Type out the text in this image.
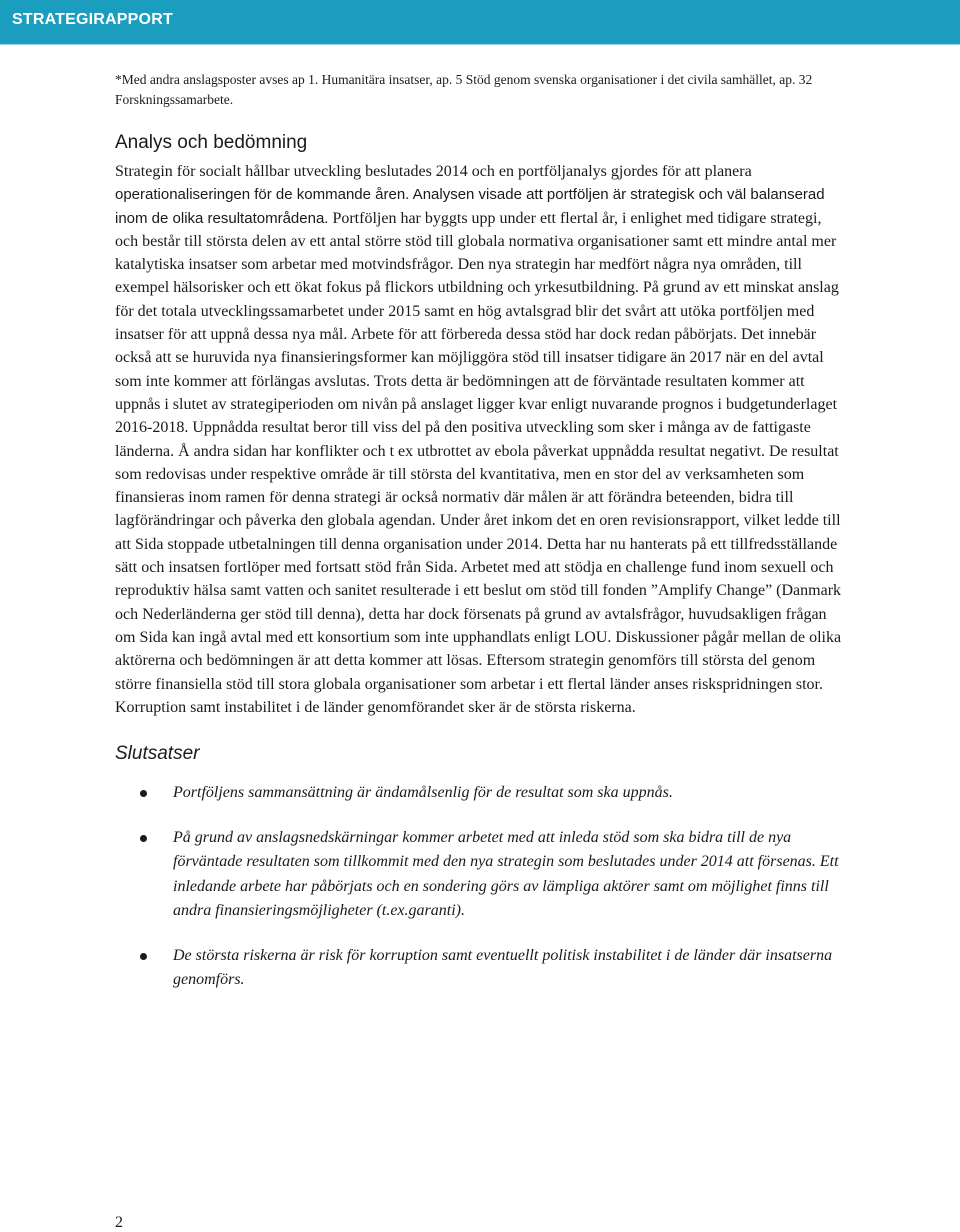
STRATEGIRAPPORT

*Med andra anslagsposter avses ap 1. Humanitära insatser, ap. 5 Stöd genom svenska organisationer i det civila samhället, ap. 32 Forskningssamarbete.

Analys och bedömning

Strategin för socialt hållbar utveckling beslutades 2014 och en portföljanalys gjordes för att planera operationaliseringen för de kommande åren. Analysen visade att portföljen är strategisk och väl balanserad inom de olika resultatområdena. Portföljen har byggts upp under ett flertal år, i enlighet med tidigare strategi, och består till största delen av ett antal större stöd till globala normativa organisationer samt ett mindre antal mer katalytiska insatser som arbetar med motvindsfrågor. Den nya strategin har medfört några nya områden, till exempel hälsorisker och ett ökat fokus på flickors utbildning och yrkesutbildning. På grund av ett minskat anslag för det totala utvecklingssamarbetet under 2015 samt en hög avtalsgrad blir det svårt att utöka portföljen med insatser för att uppnå dessa nya mål. Arbete för att förbereda dessa stöd har dock redan påbörjats. Det innebär också att se huruvida nya finansieringsformer kan möjliggöra stöd till insatser tidigare än 2017 när en del avtal som inte kommer att förlängas avslutas. Trots detta är bedömningen att de förväntade resultaten kommer att uppnås i slutet av strategiperioden om nivån på anslaget ligger kvar enligt nuvarande prognos i budgetunderlaget 2016-2018. Uppnådda resultat beror till viss del på den positiva utveckling som sker i många av de fattigaste länderna. Å andra sidan har konflikter och t ex utbrottet av ebola påverkat uppnådda resultat negativt. De resultat som redovisas under respektive område är till största del kvantitativa, men en stor del av verksamheten som finansieras inom ramen för denna strategi är också normativ där målen är att förändra beteenden, bidra till lagförändringar och påverka den globala agendan. Under året inkom det en oren revisionsrapport, vilket ledde till att Sida stoppade utbetalningen till denna organisation under 2014. Detta har nu hanterats på ett tillfredsställande sätt och insatsen fortlöper med fortsatt stöd från Sida. Arbetet med att stödja en challenge fund inom sexuell och reproduktiv hälsa samt vatten och sanitet resulterade i ett beslut om stöd till fonden ”Amplify Change” (Danmark och Nederländerna ger stöd till denna), detta har dock försenats på grund av avtalsfrågor, huvudsakligen frågan om Sida kan ingå avtal med ett konsortium som inte upphandlats enligt LOU. Diskussioner pågår mellan de olika aktörerna och bedömningen är att detta kommer att lösas. Eftersom strategin genomförs till största del genom större finansiella stöd till stora globala organisationer som arbetar i ett flertal länder anses riskspridningen stor. Korruption samt instabilitet i de länder genomförandet sker är de största riskerna.

Slutsatser
Portföljens sammansättning är ändamålsenlig för de resultat som ska uppnås.
På grund av anslagsnedskärningar kommer arbetet med att inleda stöd som ska bidra till de nya förväntade resultaten som tillkommit med den nya strategin som beslutades under 2014 att försenas. Ett inledande arbete har påbörjats och en sondering görs av lämpliga aktörer samt om möjlighet finns till andra finansieringsmöjligheter (t.ex.garanti).
De största riskerna är risk för korruption samt eventuellt politisk instabilitet i de länder där insatserna genomförs.
2
